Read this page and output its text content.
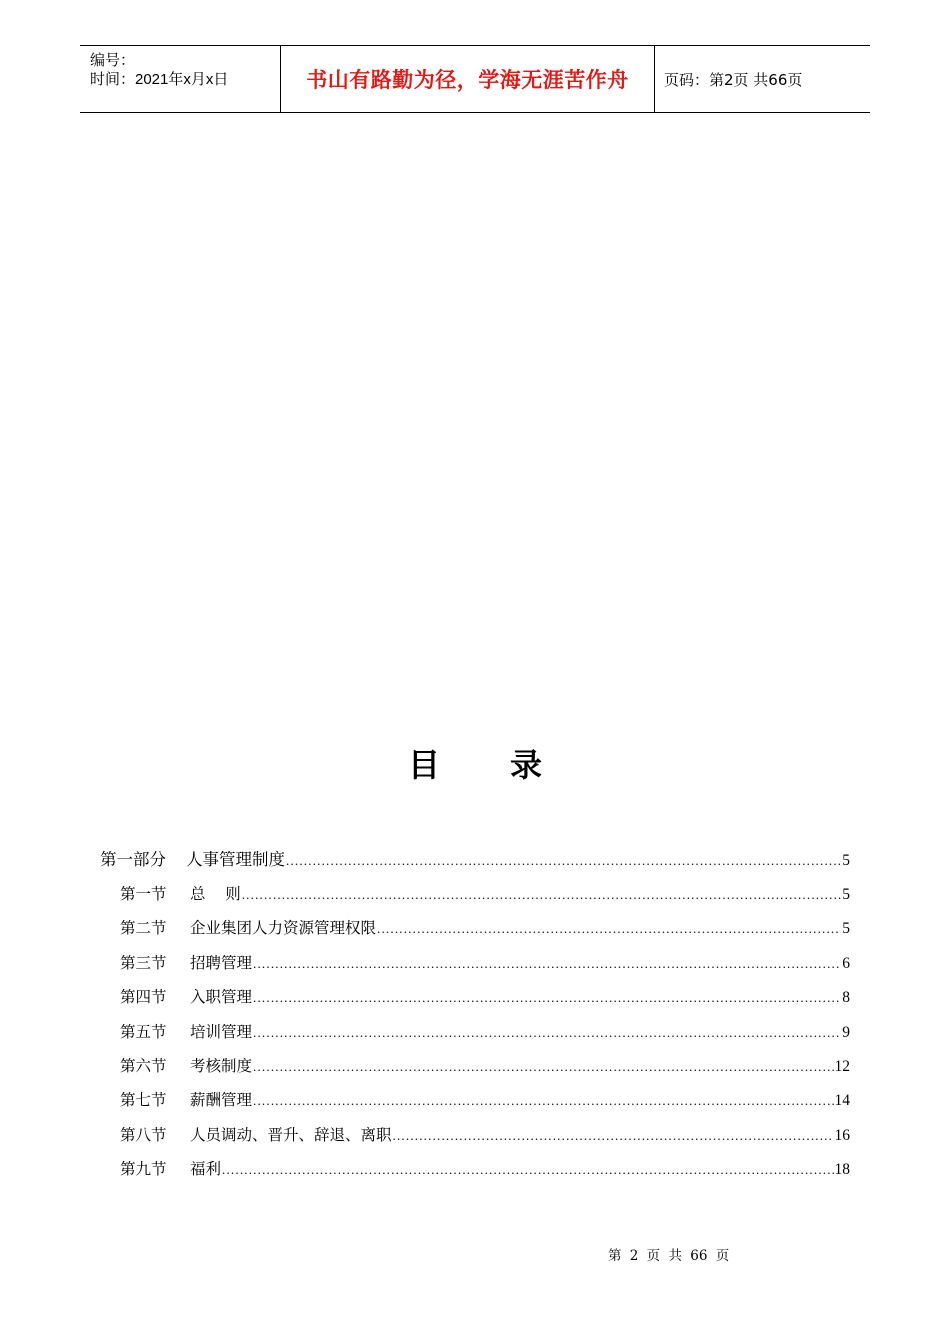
编号：
时间：2021年x月x日	书山有路勤为径，学海无涯苦作舟	页码：第2页 共66页
目 录
第一部分	人事管理制度 .....	5
第一节	总    则 .....	5
第二节	企业集团人力资源管理权限 .....	5
第三节	招聘管理 .....	6
第四节	入职管理 .....	8
第五节	培训管理 .....	9
第六节	考核制度 .....	12
第七节	薪酬管理 .....	14
第八节	人员调动、晋升、辞退、离职 .....	16
第九节	福利 .....	18
第 2 页 共 66 页
